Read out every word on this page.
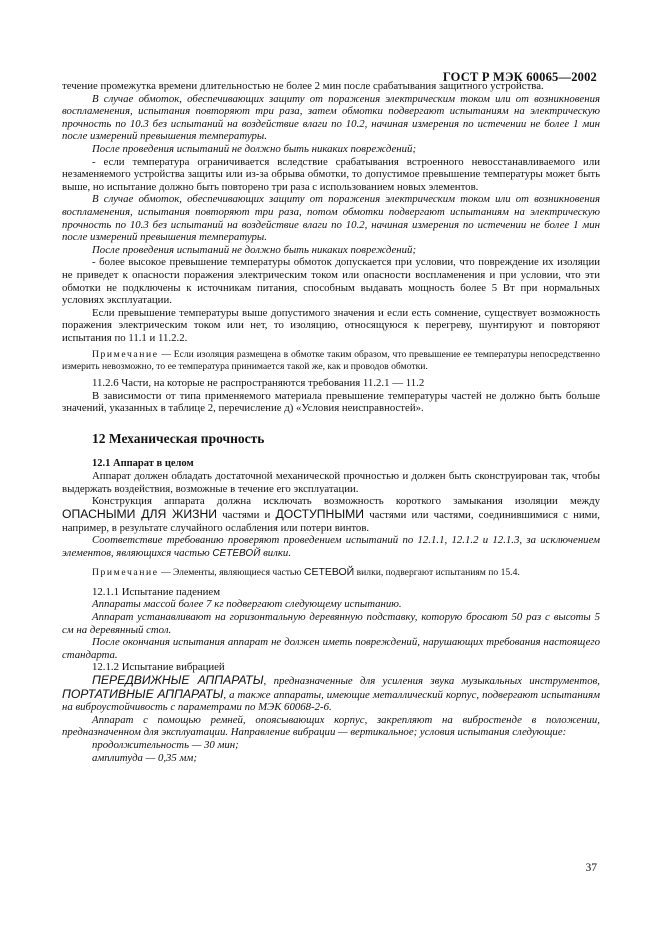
ГОСТ Р МЭК 60065—2002

течение промежутка времени длительностью не более 2 мин после срабатывания защитного устройства.

В случае обмоток, обеспечивающих защиту от поражения электрическим током или от возникновения воспламенения, испытания повторяют три раза, затем обмотки подвергают испытаниям на электрическую прочность по 10.3 без испытаний на воздействие влаги по 10.2, начиная измерения по истечении не более 1 мин после измерений превышения температуры.

После проведения испытаний не должно быть никаких повреждений;

- если температура ограничивается вследствие срабатывания встроенного невосстанавливаемого или незаменяемого устройства защиты или из-за обрыва обмотки, то допустимое превышение температуры может быть выше, но испытание должно быть повторено три раза с использованием новых элементов.

В случае обмоток, обеспечивающих защиту от поражения электрическим током или от возникновения воспламенения, испытания повторяют три раза, потом обмотки подвергают испытаниям на электрическую прочность по 10.3 без испытаний на воздействие влаги по 10.2, начиная измерения по истечении не более 1 мин после измерений превышения температуры.

После проведения испытаний не должно быть никаких повреждений;

- более высокое превышение температуры обмоток допускается при условии, что повреждение их изоляции не приведет к опасности поражения электрическим током или опасности воспламенения и при условии, что эти обмотки не подключены к источникам питания, способным выдавать мощность более 5 Вт при нормальных условиях эксплуатации.

Если превышение температуры выше допустимого значения и если есть сомнение, существует возможность поражения электрическим током или нет, то изоляцию, относящуюся к перегреву, шунтируют и повторяют испытания по 11.1 и 11.2.2.

Примечание — Если изоляция размещена в обмотке таким образом, что превышение ее температуры непосредственно измерить невозможно, то ее температура принимается такой же, как и проводов обмотки.

11.2.6 Части, на которые не распространяются требования 11.2.1 — 11.2

В зависимости от типа применяемого материала превышение температуры частей не должно быть больше значений, указанных в таблице 2, перечисление д) «Условия неисправностей».

12 Механическая прочность

12.1 Аппарат в целом

Аппарат должен обладать достаточной механической прочностью и должен быть сконструирован так, чтобы выдержать воздействия, возможные в течение его эксплуатации.

Конструкция аппарата должна исключать возможность короткого замыкания изоляции между ОПАСНЫМИ ДЛЯ ЖИЗНИ частями и ДОСТУПНЫМИ частями или частями, соединившимися с ними, например, в результате случайного ослабления или потери винтов.

Соответствие требованию проверяют проведением испытаний по 12.1.1, 12.1.2 и 12.1.3, за исключением элементов, являющихся частью СЕТЕВОЙ вилки.

Примечание — Элементы, являющиеся частью СЕТЕВОЙ вилки, подвергают испытаниям по 15.4.

12.1.1 Испытание падением

Аппараты массой более 7 кг подвергают следующему испытанию.

Аппарат устанавливают на горизонтальную деревянную подставку, которую бросают 50 раз с высоты 5 см на деревянный стол.

После окончания испытания аппарат не должен иметь повреждений, нарушающих требования настоящего стандарта.

12.1.2 Испытание вибрацией

ПЕРЕДВИЖНЫЕ АППАРАТЫ, предназначенные для усиления звука музыкальных инструментов, ПОРТАТИВНЫЕ АППАРАТЫ, а также аппараты, имеющие металлический корпус, подвергают испытаниям на виброустойчивость с параметрами по МЭК 60068-2-6.

Аппарат с помощью ремней, опоясывающих корпус, закрепляют на вибростенде в положении, предназначенном для эксплуатации. Направление вибрации — вертикальное; условия испытания следующие:

продолжительность — 30 мин;

амплитуда — 0,35 мм;

37
